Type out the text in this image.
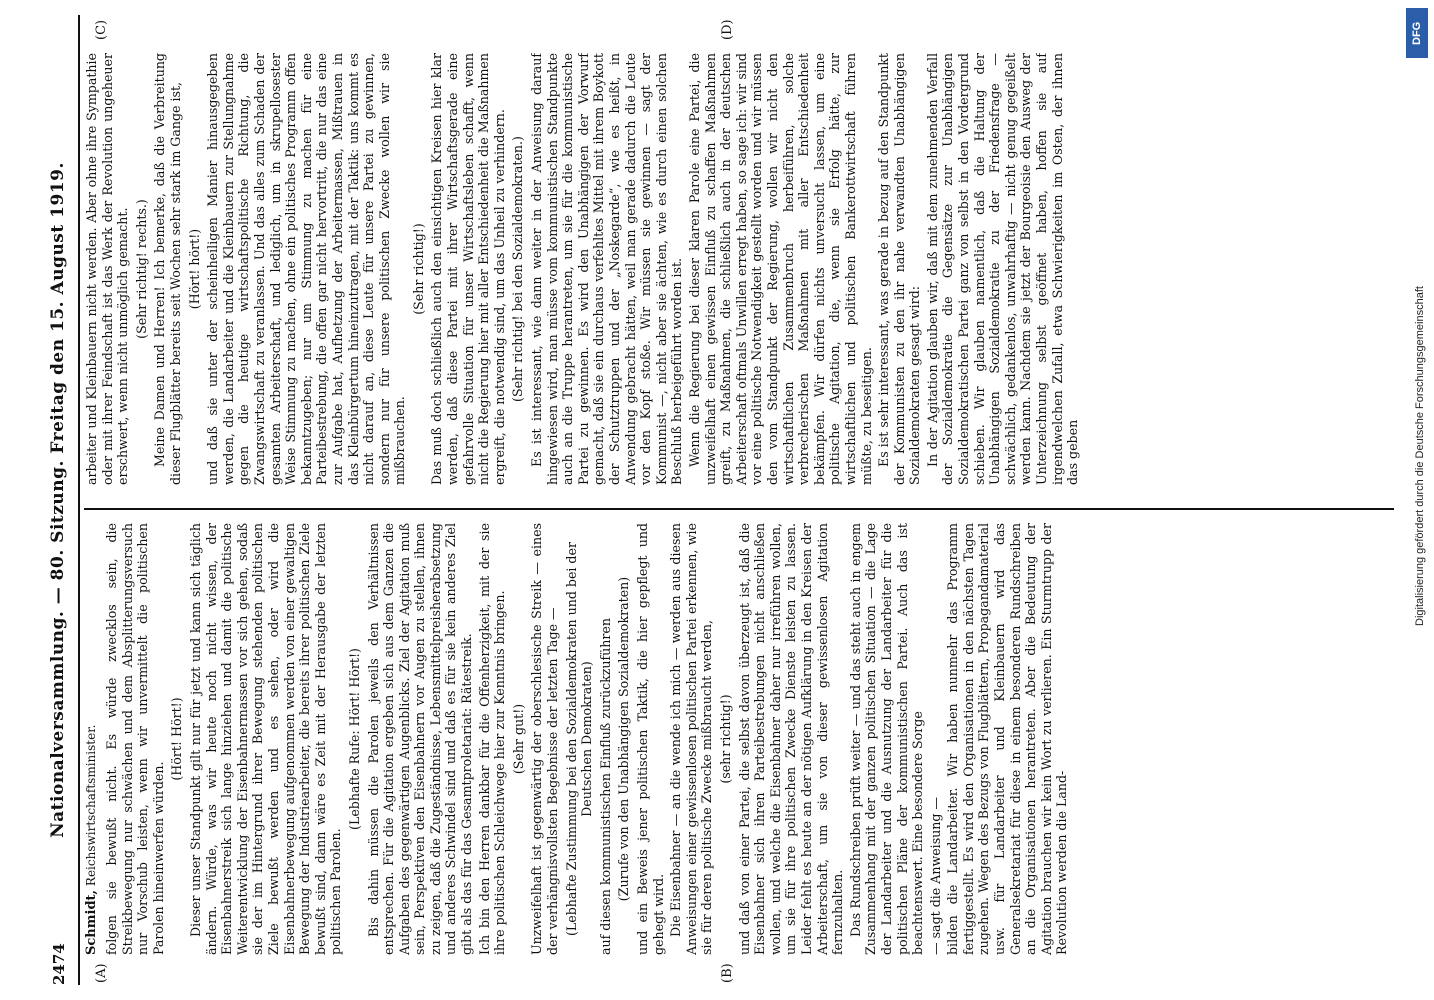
2474
Nationalversammlung. — 80. Sitzung. Freitag den 15. August 1919.
(A)	(B)
(C)	(D)
Schmidt, Reichswirtschaftsminister. folgen sie bewußt nicht. Es würde zwecklos sein, die Streikbewegung nur schwächen und dem Absplitterungsversuch nur Vorschub leisten, wenn wir unvermittelt die politischen Parolen hineinwerfen würden.

(Hört! Hört!) Dieser unser Standpunkt gilt nur für jetzt und kann sich täglich ändern. Würde, was wir heute noch nicht wissen, der Eisenbahnerstreik sich lange hinziehen und damit die politische Weiterentwicklung der Eisenbahnermassen vor sich gehen, sodaß sie der im Hintergrund ihrer Bewegung stehenden politischen Ziele bewußt werden und es sehen, oder wird die Eisenbahnerbewegung aufgenommen werden von einer gewaltigen Bewegung der Industriearbeiter, die bereits ihrer politischen Ziele bewußt sind, dann wäre es Zeit mit der Herausgabe der letzten politischen Parolen.

(Lebhafte Rufe: Hört! Hört!) Bis dahin müssen die Parolen jeweils den Verhältnissen entsprechen. Für die Agitation ergeben sich aus dem Ganzen die Aufgaben des gegenwärtigen Augenblicks. Ziel der Agitation muß sein, Perspektiven den Eisenbahnern vor Augen zu stellen, ihnen zu zeigen, daß die Zugeständnisse, Lebensmittelpreisherabsetzung und anderes Schwindel sind und daß es für sie kein anderes Ziel gibt als das für das Gesamtproletariat: Rätestreik. Ich bin den Herren dankbar für die Offenherzigkeit, mit der sie ihre politischen Schleichwege hier zur Kenntnis bringen. (Sehr gut!) Unzweifelhaft ist gegenwärtig der oberschlesische Streik — eines der verhängnisvollsten Begebnisse der letzten Tage — (Lebhafte Zustimmung bei den Sozialdemokraten und bei der Deutschen Demokraten) auf diesen kommunistischen Einfluß zurückzuführen (Zurufe von den Unabhängigen Sozialdemokraten) und ein Beweis jener politischen Taktik, die hier gepflegt und gehegt wird. Die Eisenbahner — an die wende ich mich — werden aus diesen Anweisungen einer gewissenlosen politischen Partei erkennen, wie sie für deren politische Zwecke mißbraucht werden, (sehr richtig!) und daß von einer Partei, die selbst davon überzeugt ist, daß die Eisenbahner sich ihren Parteibestrebungen nicht anschließen wollen, und welche die Eisenbahner daher nur irreführen wollen, um sie für ihre politischen Zwecke Dienste leisten zu lassen. Leider fehlt es heute an der nötigen Aufklärung in den Kreisen der Arbeiterschaft, um sie von dieser gewissenlosen Agitation fernzuhalten. Das Rundschreiben prüft weiter — und das steht auch in engem Zusammenhang mit der ganzen politischen Situation — die Lage der Landarbeiter und die Ausnutzung der Landarbeiter für die politischen Pläne der kommunistischen Partei. Auch das ist beachtenswert. Eine besondere Sorge — sagt die Anweisung — bilden die Landarbeiter. Wir haben nunmehr das Programm fertiggestellt. Es wird den Organisationen in den nächsten Tagen zugehen. Wegen des Bezugs von Flugblättern, Propagandamaterial usw. für Landarbeiter und Kleinbauern wird das Generalsekretariat für diese in einem besonderen Rundschreiben an die Organisationen herantreten. Aber die Bedeutung der Agitation brauchen wir kein Wort zu verlieren. Ein Sturmtrupp der Revolution werden die Land-

arbeiter und Kleinbauern nicht werden. Aber ohne ihre Sympathie oder mit ihrer Feindschaft ist das Werk der Revolution ungeheuer erschwert, wenn nicht unmöglich gemacht. (Sehr richtig! rechts.) Meine Damen und Herren! Ich bemerke, daß die Verbreitung dieser Flugblätter bereits seit Wochen sehr stark im Gange ist, (Hört! hört!) und daß sie unter der scheinheiligen Manier hinausgegeben werden, die Landarbeiter und die Kleinbauern zur Stellungnahme gegen die heutige wirtschaftspolitische Richtung, die Zwangswirtschaft zu veranlassen. Und das alles zum Schaden der gesamten Arbeiterschaft, und lediglich, um in skrupellosester Weise Stimmung zu machen, ohne ein politisches Programm offen bekanntzugeben; nur um Stimmung zu machen für eine Parteibestrebung, die offen gar nicht hervortritt, die nur das eine zur Aufgabe hat, Aufhetzung der Arbeitermassen, Mißtrauen in das Kleinbürgertum hineinzutragen, mit der Taktik: uns kommt es nicht darauf an, diese Leute für unsere Partei zu gewinnen, sondern nur für unsere politischen Zwecke wollen wir sie mißbrauchen.

(Sehr richtig!) Das muß doch schließlich auch den einsichtigen Kreisen hier klar werden, daß diese Partei mit ihrer Wirtschaftsgerade eine gefahrvolle Situation für unser Wirtschaftsleben schafft, wenn nicht die Regierung hier mit aller Entschiedenheit die Maßnahmen ergreift, die notwendig sind, um das Unheil zu verhindern. (Sehr richtig! bei den Sozialdemokraten.) Es ist interessant, wie dann weiter in der Anweisung darauf hingewiesen wird, man müsse vom kommunistischen Standpunkte auch an die Truppe herantreten, um sie für die kommunistische Partei zu gewinnen. Es wird den Unabhängigen der Vorwurf gemacht, daß sie ein durchaus verfehltes Mittel mit ihrem Boykott der Schutztruppen und der „Noskegarde“, wie es heißt, in Anwendung gebracht hätten, weil man gerade dadurch die Leute vor den Kopf stoße. Wir müssen sie gewinnen — sagt der Kommunist —, nicht aber sie ächten, wie es durch einen solchen Beschluß herbeigeführt worden ist. Wenn die Regierung bei dieser klaren Parole eine Partei, die unzweifelhaft einen gewissen Einfluß zu schaffen Maßnahmen greift, zu Maßnahmen, die schließlich auch in der deutschen Arbeiterschaft oftmals Unwillen erregt haben, so sage ich: wir sind vor eine politische Notwendigkeit gestellt worden und wir müssen den vom Standpunkt der Regierung, wollen wir nicht den wirtschaftlichen Zusammenbruch herbeiführen, solche verbrecherischen Maßnahmen mit aller Entschiedenheit bekämpfen. Wir dürfen nichts unversucht lassen, um eine politische Agitation, die, wenn sie Erfolg hätte, zur wirtschaftlichen und politischen Bankerottwirtschaft führen müßte, zu beseitigen. Es ist sehr interessant, was gerade in bezug auf den Standpunkt der Kommunisten zu den ihr nahe verwandten Unabhängigen Sozialdemokraten gesagt wird: In der Agitation glauben wir, daß mit dem zunehmenden Verfall der Sozialdemokratie die Gegensätze zur Unabhängigen Sozialdemokratischen Partei ganz von selbst in den Vordergrund schieben. Wir glauben namentlich, daß die Haltung der Unabhängigen Sozialdemokratie zu der Friedensfrage — schwächlich, gedankenlos, unwahrhaftig — nicht genug gegeißelt werden kann. Nachdem sie jetzt der Bourgeoisie den Ausweg der Unterzeichnung selbst geöffnet haben, hoffen sie auf irgendwelchen Zufall, etwa Schwierigkeiten im Osten, der ihnen das geben

DFG
Digitalisierung gefördert durch die Deutsche Forschungsgemeinschaft
